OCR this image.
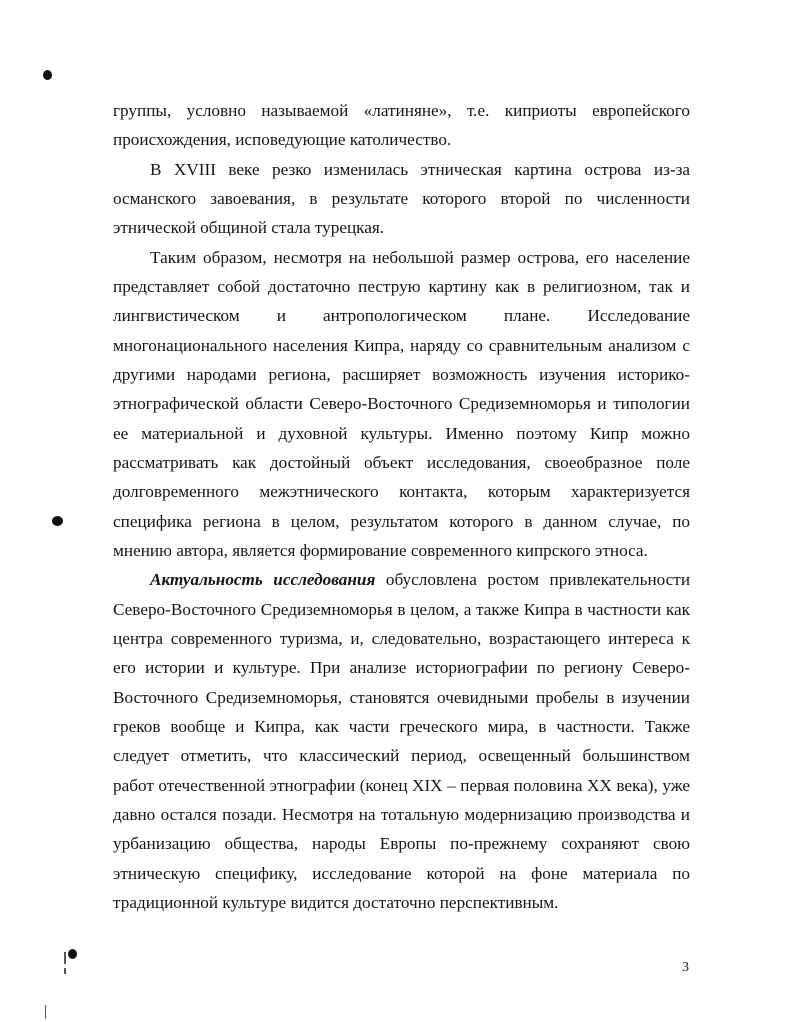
группы, условно называемой «латиняне», т.е. киприоты европейского
происхождения, исповедующие католичество.
В XVIII веке резко изменилась этническая картина острова из-за
османского завоевания, в результате которого второй по численности
этнической общиной стала турецкая.
Таким образом, несмотря на небольшой размер острова, его население
представляет собой достаточно пеструю картину как в религиозном, так и
лингвистическом и антропологическом плане. Исследование
многонационального населения Кипра, наряду со сравнительным анализом с
другими народами региона, расширяет возможность изучения историко-
этнографической области Северо-Восточного Средиземноморья и типологии
ее материальной и духовной культуры. Именно поэтому Кипр можно
рассматривать как достойный объект исследования, своеобразное поле
долговременного межэтнического контакта, которым характеризуется
специфика региона в целом, результатом которого в данном случае, по
мнению автора, является формирование современного кипрского этноса.
Актуальность исследования обусловлена ростом привлекательности
Северо-Восточного Средиземноморья в целом, а также Кипра в частности как
центра современного туризма, и, следовательно, возрастающего интереса к
его истории и культуре. При анализе историографии по региону Северо-
Восточного Средиземноморья, становятся очевидными пробелы в изучении
греков вообще и Кипра, как части греческого мира, в частности. Также
следует отметить, что классический период, освещенный большинством
работ отечественной этнографии (конец XIX – первая половина XX века), уже
давно остался позади. Несмотря на тотальную модернизацию производства и
урбанизацию общества, народы Европы по-прежнему сохраняют свою
этническую специфику, исследование которой на фоне материала по
традиционной культуре видится достаточно перспективным.
3
